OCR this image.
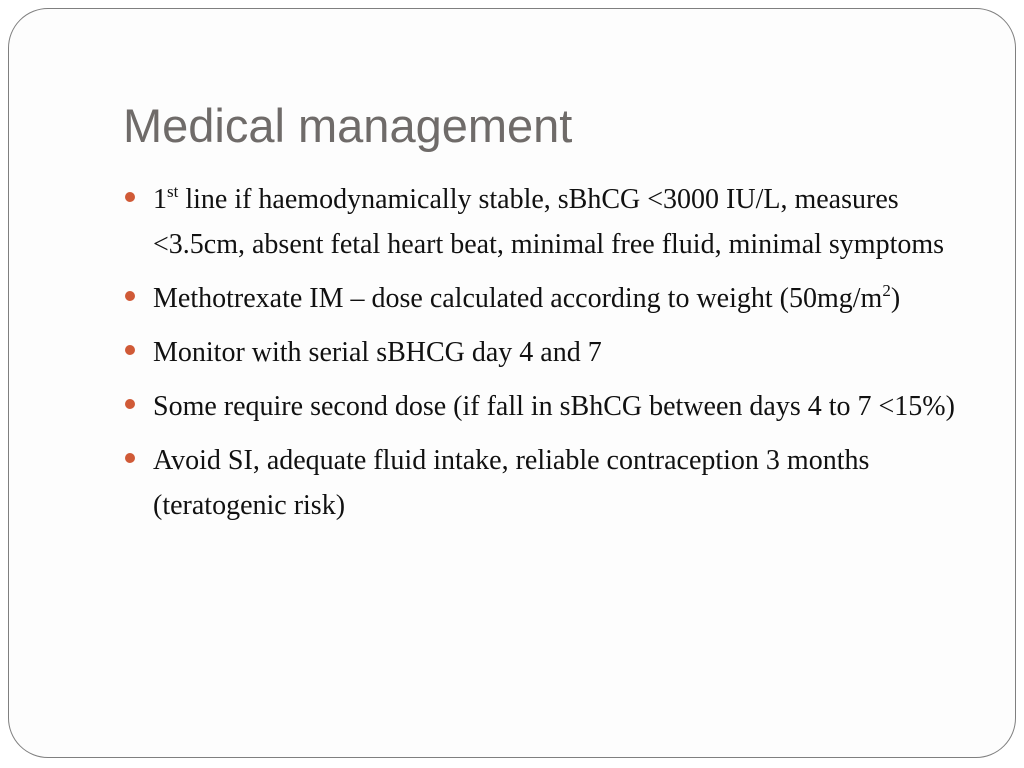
Medical management
1st line if haemodynamically stable, sBhCG <3000 IU/L, measures <3.5cm, absent fetal heart beat, minimal free fluid, minimal symptoms
Methotrexate IM – dose calculated according to weight $(50mg/m^2)$
Monitor with serial sBHCG day 4 and 7
Some require second dose (if fall in sBhCG between days 4 to 7 <15%)
Avoid SI, adequate fluid intake, reliable contraception 3 months (teratogenic risk)
